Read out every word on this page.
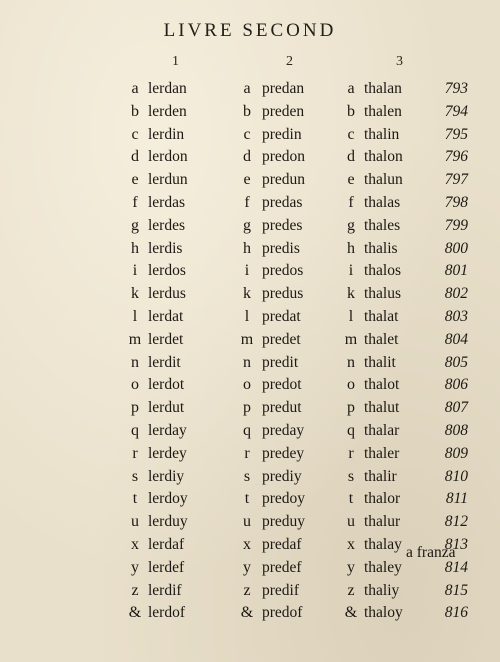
LIVRE SECOND
1	2	3
a lerdan	a predan	a thalan	793
b lerden	b preden	b thalen	794
c lerdin	c predin	c thalin	795
d lerdon	d predon	d thalon	796
e lerdun	e predun	e thalun	797
f lerdas	f predas	f thalas	798
g lerdes	g predes	g thales	799
h lerdis	h predis	h thalis	800
i lerdos	i predos	i thalos	801
k lerdus	k predus	k thalus	802
l lerdat	l predat	l thalat	803
m lerdet	m predet	m thalet	804
n lerdit	n predit	n thalit	805
o lerdot	o predot	o thalot	806
p lerdut	p predut	p thalut	807
q lerday	q preday	q thalar	808
r lerdey	r predey	r thaler	809
s lerdiy	s prediy	s thalir	810
t lerdoy	t predoy	t thalor	811
u lerduy	u preduy	u thalur	812
x lerdaf	x predaf	x thalay	813
y lerdef	y predef	y thaley	814
z lerdif	z predif	z thaliy	815
& lerdof	& predof	& thaloy	816
a franza
